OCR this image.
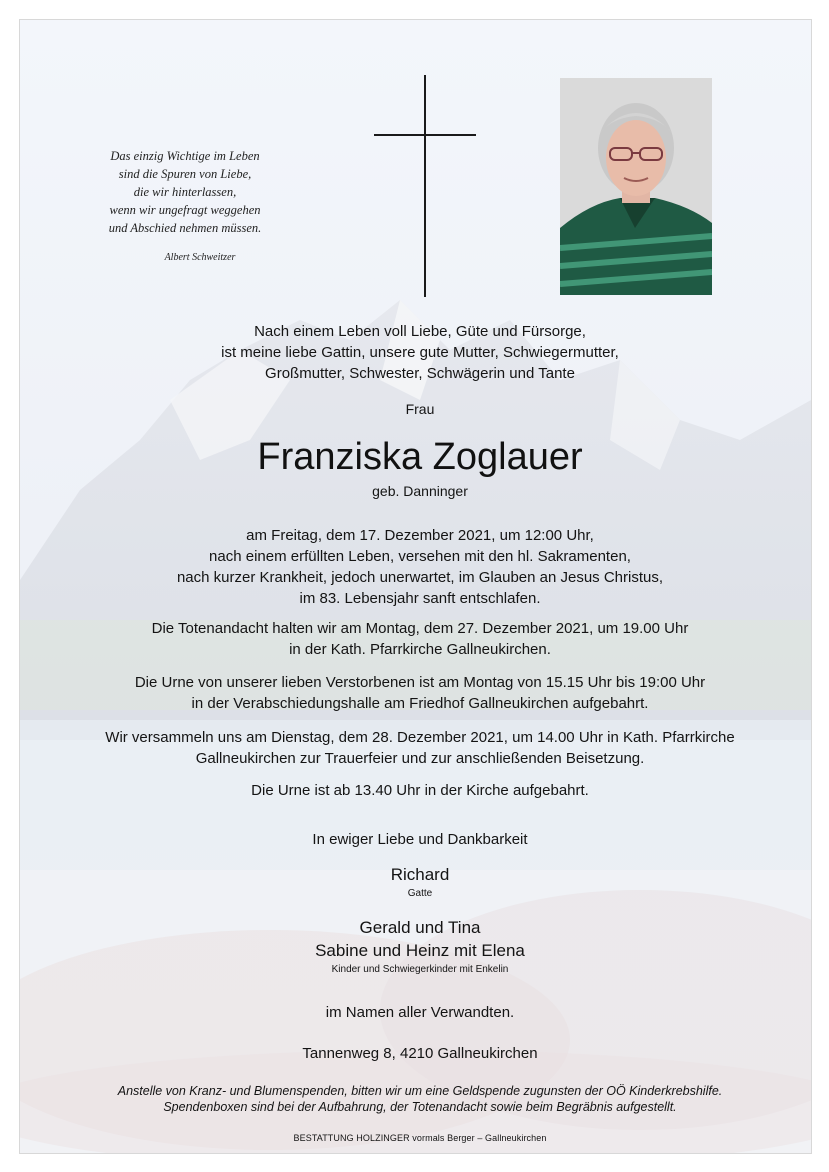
Das einzig Wichtige im Leben
sind die Spuren von Liebe,
die wir hinterlassen,
wenn wir ungefragt weggehen
und Abschied nehmen müssen.
Albert Schweitzer
Nach einem Leben voll Liebe, Güte und Fürsorge,
ist meine liebe Gattin, unsere gute Mutter, Schwiegermutter,
Großmutter, Schwester, Schwägerin und Tante
Frau
Franziska Zoglauer
geb. Danninger
am Freitag, dem 17. Dezember 2021, um 12:00 Uhr,
nach einem erfüllten Leben, versehen mit den hl. Sakramenten,
nach kurzer Krankheit, jedoch unerwartet, im Glauben an Jesus Christus,
im 83. Lebensjahr sanft entschlafen.
Die Totenandacht halten wir am Montag, dem 27. Dezember 2021, um 19.00 Uhr
in der Kath. Pfarrkirche Gallneukirchen.
Die Urne von unserer lieben Verstorbenen ist am Montag von 15.15 Uhr bis 19:00 Uhr
in der Verabschiedungshalle am Friedhof Gallneukirchen aufgebahrt.
Wir versammeln uns am Dienstag, dem 28. Dezember 2021, um 14.00 Uhr in Kath. Pfarrkirche
Gallneukirchen zur Trauerfeier und zur anschließenden Beisetzung.
Die Urne ist ab 13.40 Uhr in der Kirche aufgebahrt.
In ewiger Liebe und Dankbarkeit
Richard
Gatte
Gerald und Tina
Sabine und Heinz mit Elena
Kinder und Schwiegerkinder mit Enkelin
im Namen aller Verwandten.
Tannenweg 8, 4210 Gallneukirchen
Anstelle von Kranz- und Blumenspenden, bitten wir um eine Geldspende zugunsten der OÖ Kinderkrebshilfe.
Spendenboxen sind bei der Aufbahrung, der Totenandacht sowie beim Begräbnis aufgestellt.
BESTATTUNG HOLZINGER vormals Berger – Gallneukirchen
